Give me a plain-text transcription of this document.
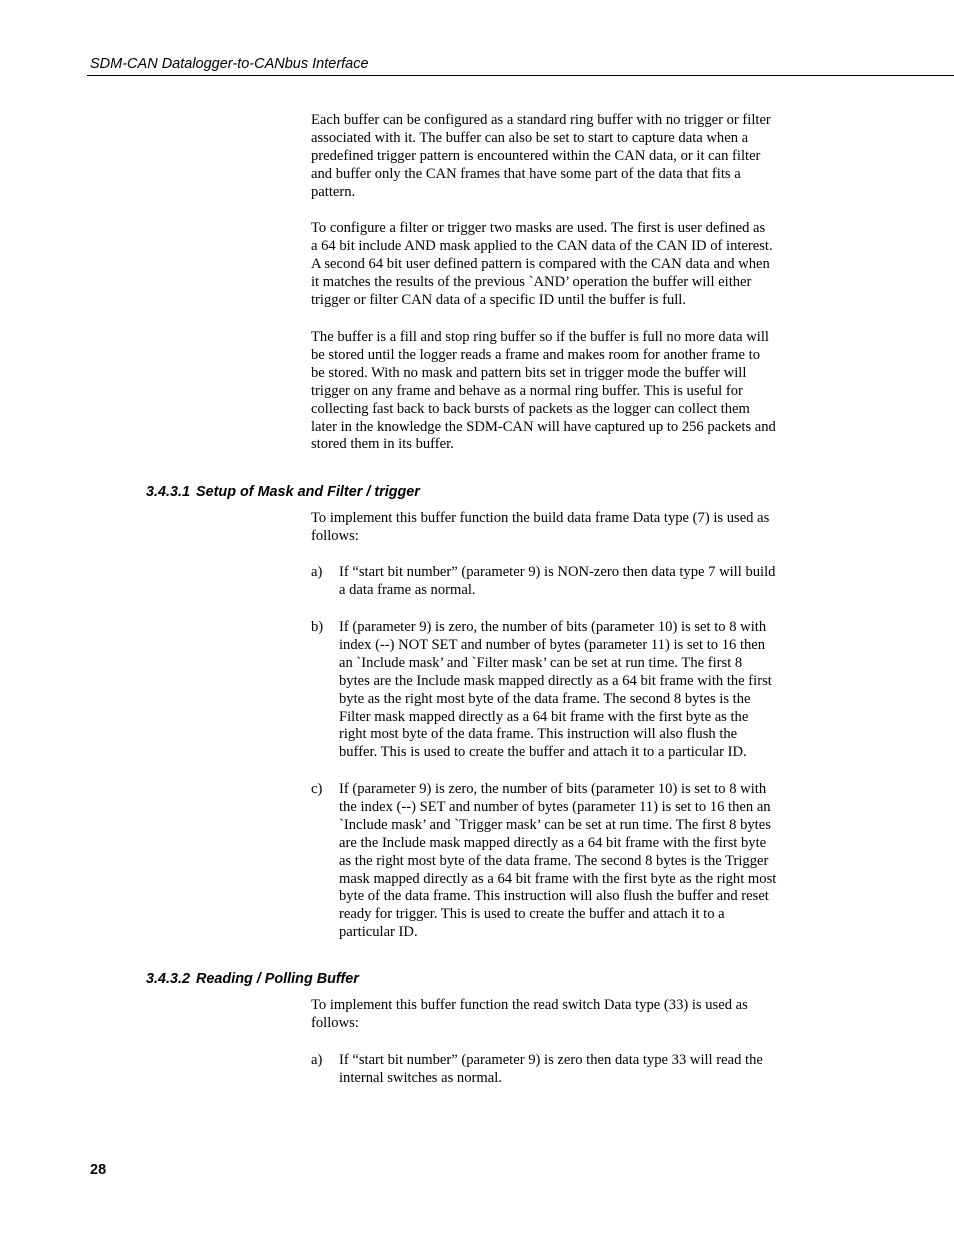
SDM-CAN Datalogger-to-CANbus Interface
Each buffer can be configured as a standard ring buffer with no trigger or filter
associated with it. The buffer can also be set to start to capture data when a
predefined trigger pattern is encountered within the CAN data, or it can filter
and buffer only the CAN frames that have some part of the data that fits a
pattern.
To configure a filter or trigger two masks are used. The first is user defined as
a 64 bit include AND mask applied to the CAN data of the CAN ID of interest.
A second 64 bit user defined pattern is compared with the CAN data and when
it matches the results of the previous `AND’ operation the buffer will either
trigger or filter CAN data of a specific ID until the buffer is full.
The buffer is a fill and stop ring buffer so if the buffer is full no more data will
be stored until the logger reads a frame and makes room for another frame to
be stored. With no mask and pattern bits set in trigger mode the buffer will
trigger on any frame and behave as a normal ring buffer. This is useful for
collecting fast back to back bursts of packets as the logger can collect them
later in the knowledge the SDM-CAN will have captured up to 256 packets and
stored them in its buffer.
3.4.3.1 Setup of Mask and Filter / trigger
To implement this buffer function the build data frame Data type (7) is used as
follows:
a) If “start bit number” (parameter 9) is NON-zero then data type 7 will build
a data frame as normal.
b) If (parameter 9) is zero, the number of bits (parameter 10) is set to 8 with
index (--) NOT SET and number of bytes (parameter 11) is set to 16 then
an `Include mask’ and `Filter mask’ can be set at run time. The first 8
bytes are the Include mask mapped directly as a 64 bit frame with the first
byte as the right most byte of the data frame. The second 8 bytes is the
Filter mask mapped directly as a 64 bit frame with the first byte as the
right most byte of the data frame. This instruction will also flush the
buffer. This is used to create the buffer and attach it to a particular ID.
c) If (parameter 9) is zero, the number of bits (parameter 10) is set to 8 with
the index (--) SET and number of bytes (parameter 11) is set to 16 then an
`Include mask’ and `Trigger mask’ can be set at run time. The first 8 bytes
are the Include mask mapped directly as a 64 bit frame with the first byte
as the right most byte of the data frame. The second 8 bytes is the Trigger
mask mapped directly as a 64 bit frame with the first byte as the right most
byte of the data frame. This instruction will also flush the buffer and reset
ready for trigger. This is used to create the buffer and attach it to a
particular ID.
3.4.3.2 Reading / Polling Buffer
To implement this buffer function the read switch Data type (33) is used as
follows:
a) If “start bit number” (parameter 9) is zero then data type 33 will read the
internal switches as normal.
28
